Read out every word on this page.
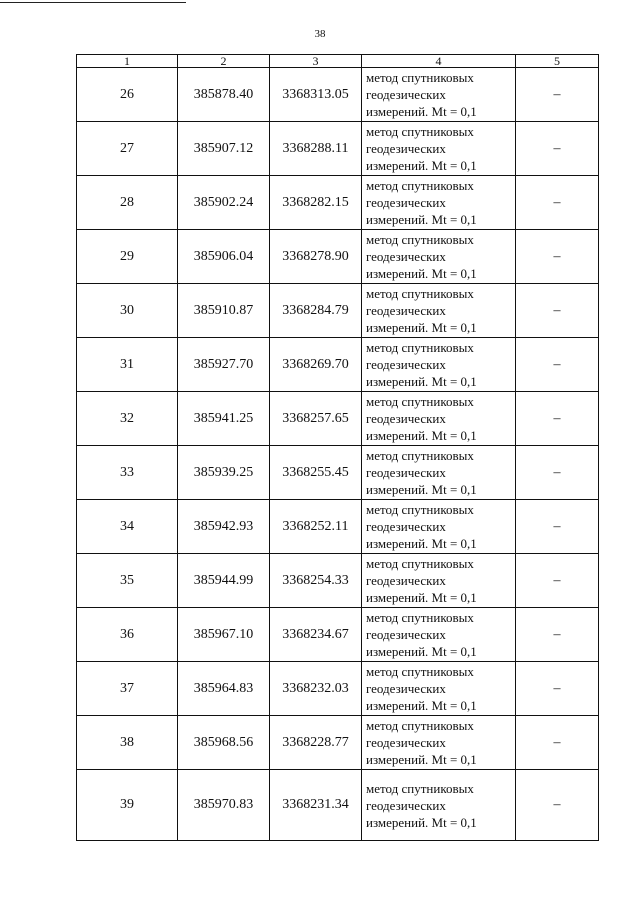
38
1	2	3	4	5
26	385878.40	3368313.05	метод спутниковых
геодезических
измерений. Mt = 0,1	–
27	385907.12	3368288.11	метод спутниковых
геодезических
измерений. Mt = 0,1	–
28	385902.24	3368282.15	метод спутниковых
геодезических
измерений. Mt = 0,1	–
29	385906.04	3368278.90	метод спутниковых
геодезических
измерений. Mt = 0,1	–
30	385910.87	3368284.79	метод спутниковых
геодезических
измерений. Mt = 0,1	–
31	385927.70	3368269.70	метод спутниковых
геодезических
измерений. Mt = 0,1	–
32	385941.25	3368257.65	метод спутниковых
геодезических
измерений. Mt = 0,1	–
33	385939.25	3368255.45	метод спутниковых
геодезических
измерений. Mt = 0,1	–
34	385942.93	3368252.11	метод спутниковых
геодезических
измерений. Mt = 0,1	–
35	385944.99	3368254.33	метод спутниковых
геодезических
измерений. Mt = 0,1	–
36	385967.10	3368234.67	метод спутниковых
геодезических
измерений. Mt = 0,1	–
37	385964.83	3368232.03	метод спутниковых
геодезических
измерений. Mt = 0,1	–
38	385968.56	3368228.77	метод спутниковых
геодезических
измерений. Mt = 0,1	–
39	385970.83	3368231.34	метод спутниковых
геодезических
измерений. Mt = 0,1	–
